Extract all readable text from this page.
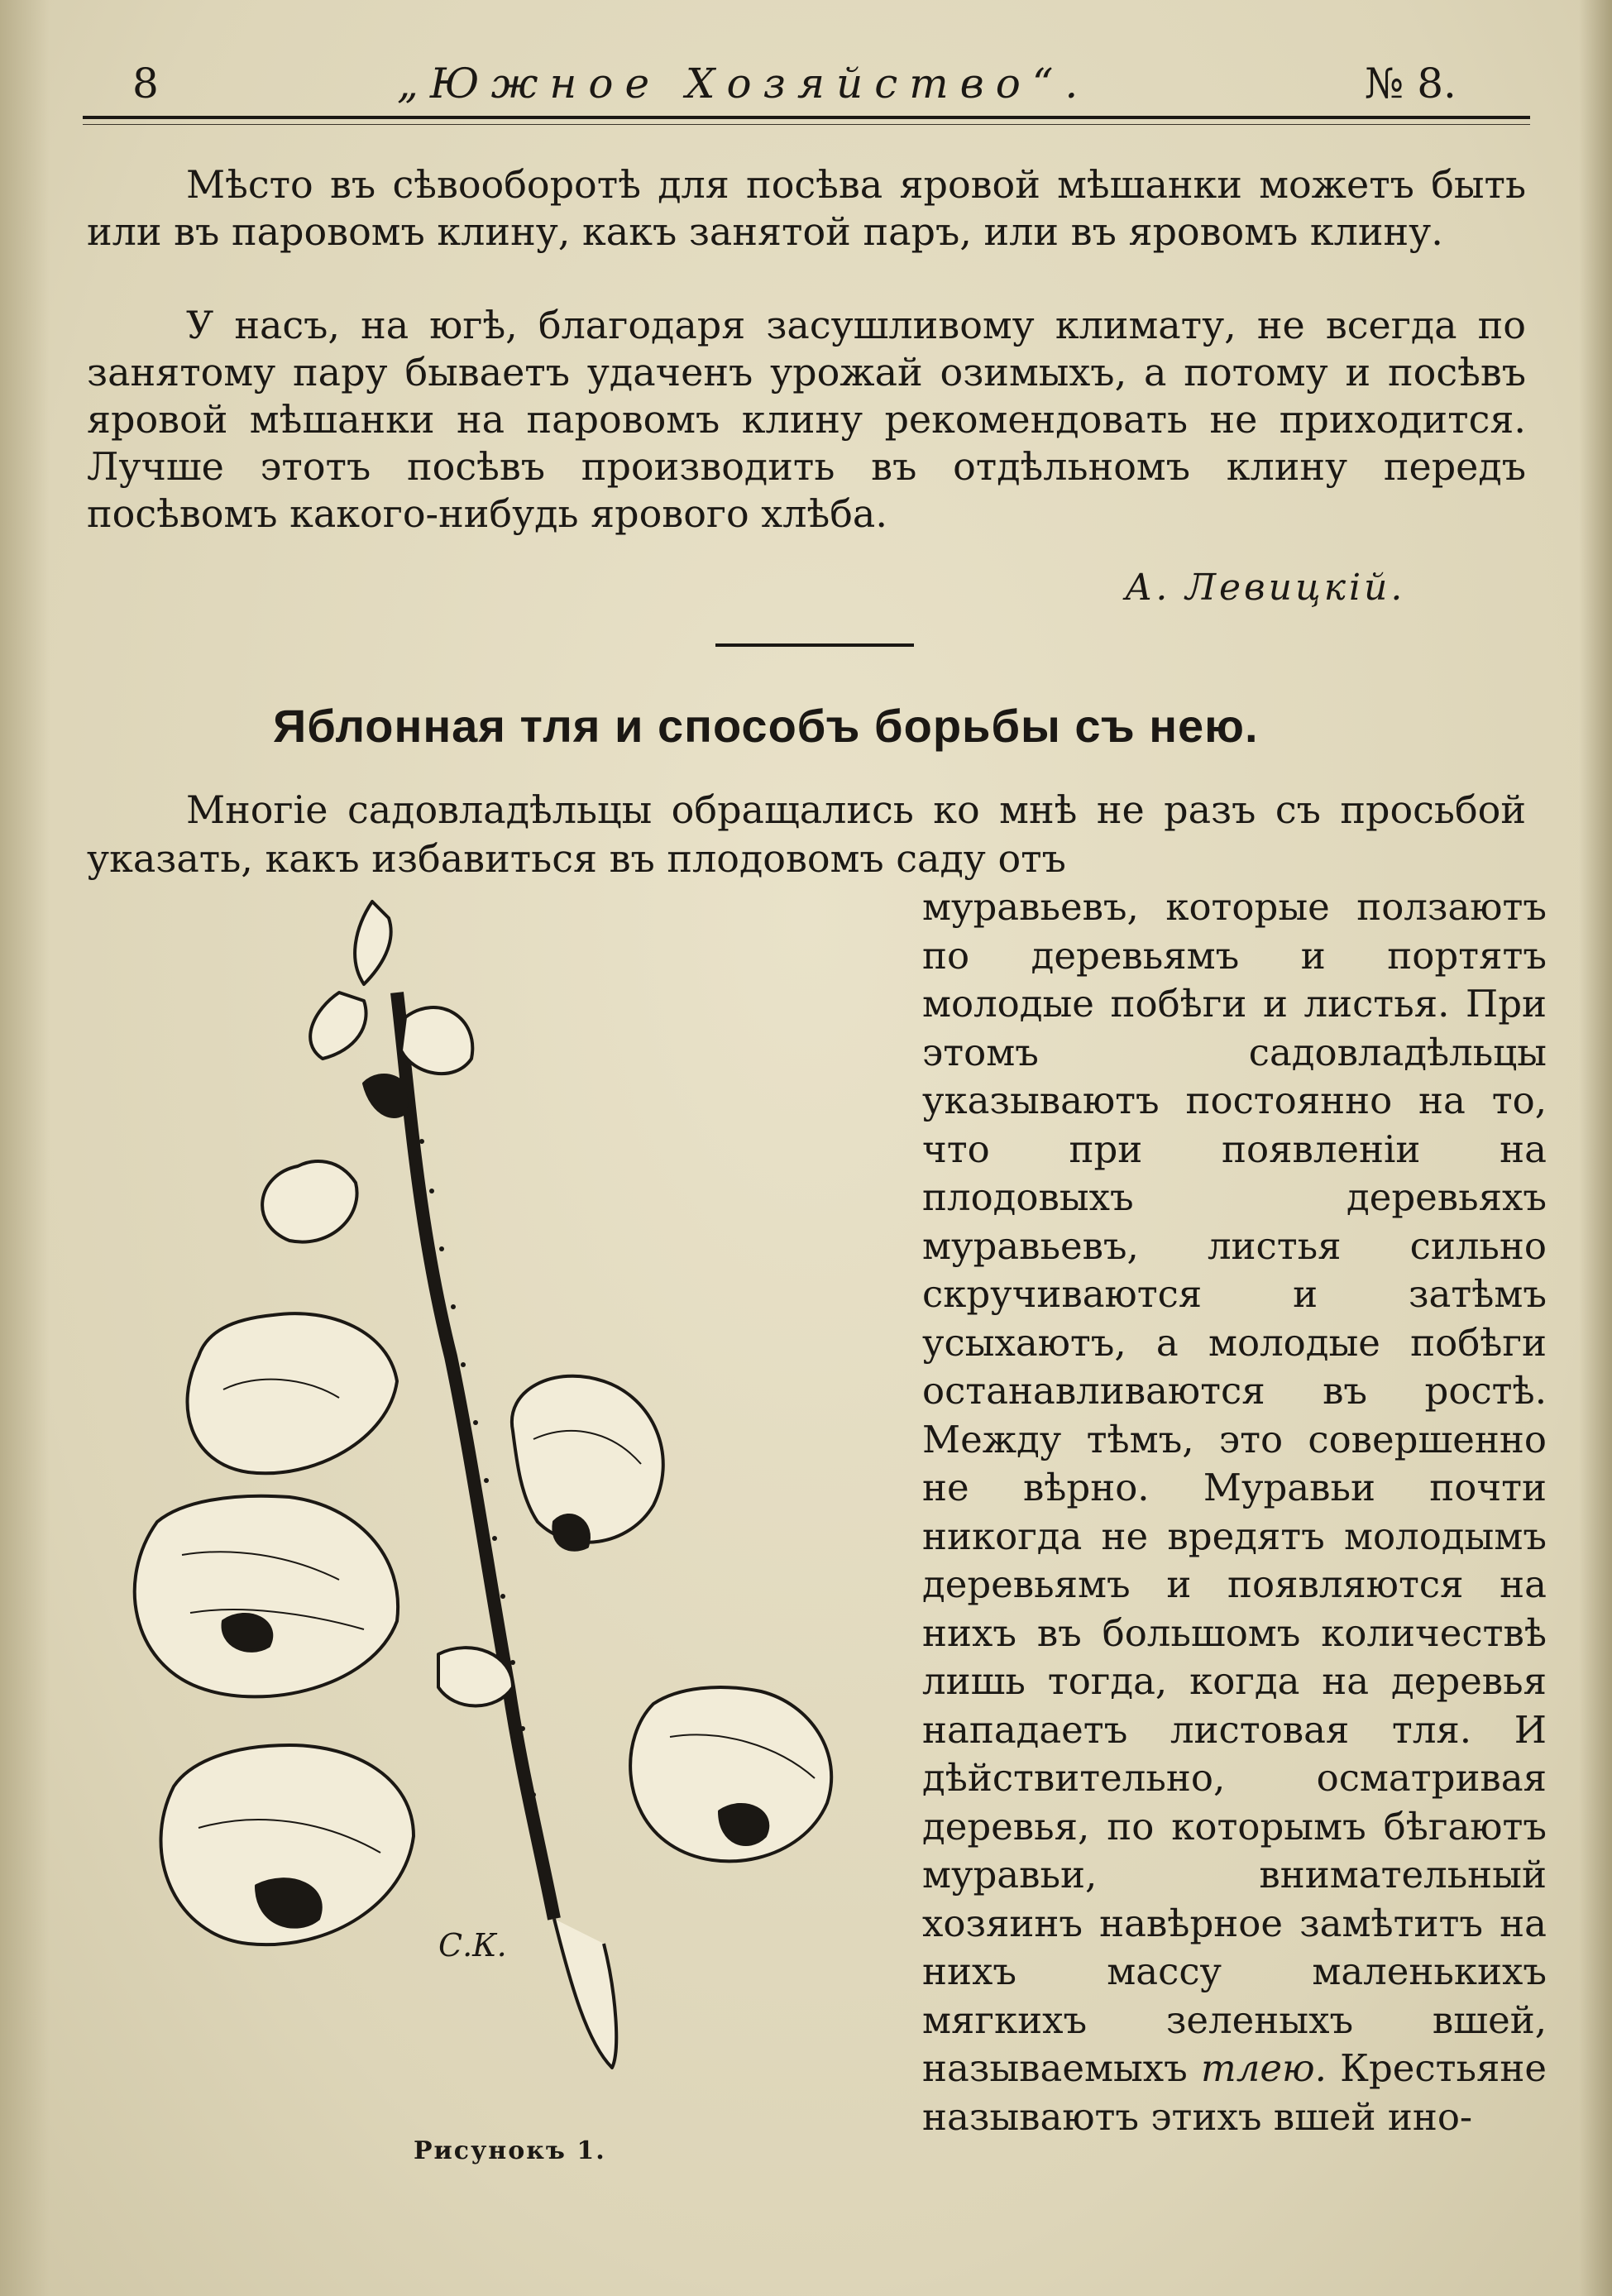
8	„Южное Хозяйство“.	№ 8.

Мѣсто въ сѣвооборотѣ для посѣва яровой мѣшанки можетъ быть или въ паровомъ клину, какъ занятой паръ, или въ яровомъ клину.

У насъ, на югѣ, благодаря засушливому климату, не всегда по занятому пару бываетъ удаченъ урожай озимыхъ, а потому и посѣвъ яровой мѣшанки на паровомъ клину рекомендовать не приходится. Лучше этотъ посѣвъ производить въ отдѣльномъ клину передъ посѣвомъ какого-нибудь ярового хлѣба.

А. Левицкій.
Яблонная тля и способъ борьбы съ нею.

Многіе садовладѣльцы обращались ко мнѣ не разъ съ просьбой указать, какъ избавиться въ плодовомъ саду отъ

С.К.
Рисунокъ 1.

муравьевъ, которые ползаютъ по деревьямъ и портятъ молодые побѣги и листья. При этомъ садовладѣльцы указываютъ постоянно на то, что при появленіи на плодовыхъ деревьяхъ муравьевъ, листья сильно скручиваются и затѣмъ усыхаютъ, а молодые побѣги останавливаются въ ростѣ. Между тѣмъ, это совершенно не вѣрно. Муравьи почти никогда не вредятъ молодымъ деревьямъ и появляются на нихъ въ большомъ количествѣ лишь тогда, когда на деревья нападаетъ листовая тля. И дѣйствительно, осматривая деревья, по которымъ бѣгаютъ муравьи, внимательный хозяинъ навѣрное замѣтитъ на нихъ массу маленькихъ мягкихъ зеленыхъ вшей, называемыхъ тлею. Крестьяне называютъ этихъ вшей ино-
